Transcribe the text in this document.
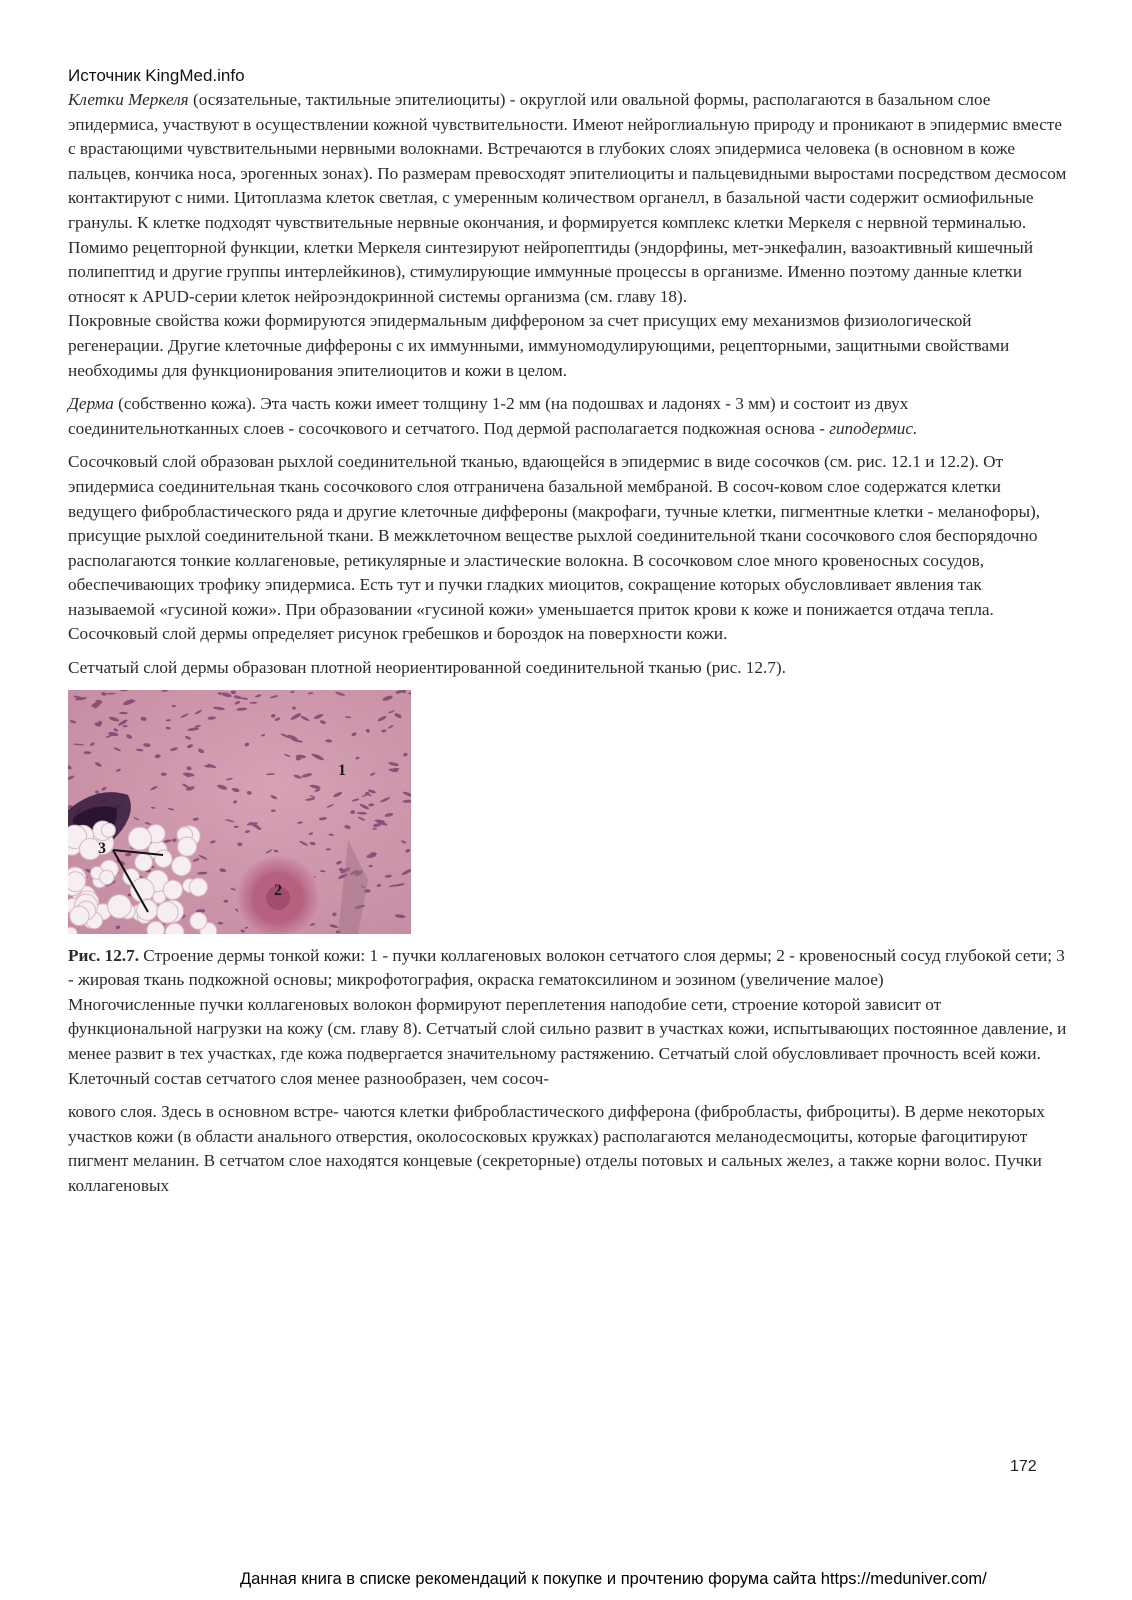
Источник KingMed.info

Клетки Меркеля (осязательные, тактильные эпителиоциты) - округлой или овальной формы, располагаются в базальном слое эпидермиса, участвуют в осуществлении кожной чувствительности. Имеют нейроглиальную природу и проникают в эпидермис вместе с врастающими чувствительными нервными волокнами. Встречаются в глубоких слоях эпидермиса человека (в основном в коже пальцев, кончика носа, эрогенных зонах). По размерам превосходят эпителиоциты и пальцевидными выростами посредством десмосом контактируют с ними. Цитоплазма клеток светлая, с умеренным количеством органелл, в базальной части содержит осмиофильные гранулы. К клетке подходят чувствительные нервные окончания, и формируется комплекс клетки Меркеля с нервной терминалью. Помимо рецепторной функции, клетки Меркеля синтезируют нейропептиды (эндорфины, мет-энкефалин, вазоактивный кишечный полипептид и другие группы интерлейкинов), стимулирующие иммунные процессы в организме. Именно поэтому данные клетки относят к APUD-серии клеток нейроэндокринной системы организма (см. главу 18).

Покровные свойства кожи формируются эпидермальным диффероном за счет присущих ему механизмов физиологической регенерации. Другие клеточные диффероны с их иммунными, иммуномодулирующими, рецепторными, защитными свойствами необходимы для функционирования эпителиоцитов и кожи в целом.

Дерма (собственно кожа). Эта часть кожи имеет толщину 1-2 мм (на подошвах и ладонях - 3 мм) и состоит из двух соединительнотканных слоев - сосочкового и сетчатого. Под дермой располагается подкожная основа - гиподермис.

Сосочковый слой образован рыхлой соединительной тканью, вдающейся в эпидермис в виде сосочков (см. рис. 12.1 и 12.2). От эпидермиса соединительная ткань сосочкового слоя отграничена базальной мембраной. В сосоч-ковом слое содержатся клетки ведущего фибробластического ряда и другие клеточные диффероны (макрофаги, тучные клетки, пигментные клетки - меланофоры), присущие рыхлой соединительной ткани. В межклеточном веществе рыхлой соединительной ткани сосочкового слоя беспорядочно располагаются тонкие коллагеновые, ретикулярные и эластические волокна. В сосочковом слое много кровеносных сосудов, обеспечивающих трофику эпидермиса. Есть тут и пучки гладких миоцитов, сокращение которых обусловливает явления так называемой «гусиной кожи». При образовании «гусиной кожи» уменьшается приток крови к коже и понижается отдача тепла. Сосочковый слой дермы определяет рисунок гребешков и бороздок на поверхности кожи.

Сетчатый слой дермы образован плотной неориентированной соединительной тканью (рис. 12.7).

1
2
3

Рис. 12.7. Строение дермы тонкой кожи: 1 - пучки коллагеновых волокон сетчатого слоя дермы; 2 - кровеносный сосуд глубокой сети; 3 - жировая ткань подкожной основы; микрофотография, окраска гематоксилином и эозином (увеличение малое)

Многочисленные пучки коллагеновых волокон формируют переплетения наподобие сети, строение которой зависит от функциональной нагрузки на кожу (см. главу 8). Сетчатый слой сильно развит в участках кожи, испытывающих постоянное давление, и менее развит в тех участках, где кожа подвергается значительному растяжению. Сетчатый слой обусловливает прочность всей кожи. Клеточный состав сетчатого слоя менее разнообразен, чем сосоч-

кового слоя. Здесь в основном встре- чаются клетки фибробластического дифферона (фибробласты, фиброциты). В дерме некоторых участков кожи (в области анального отверстия, околососковых кружках) располагаются меланодесмоциты, которые фагоцитируют пигмент меланин. В сетчатом слое находятся концевые (секреторные) отделы потовых и сальных желез, а также корни волос. Пучки коллагеновых

172
Данная книга в списке рекомендаций к покупке и прочтению форума сайта https://meduniver.com/
